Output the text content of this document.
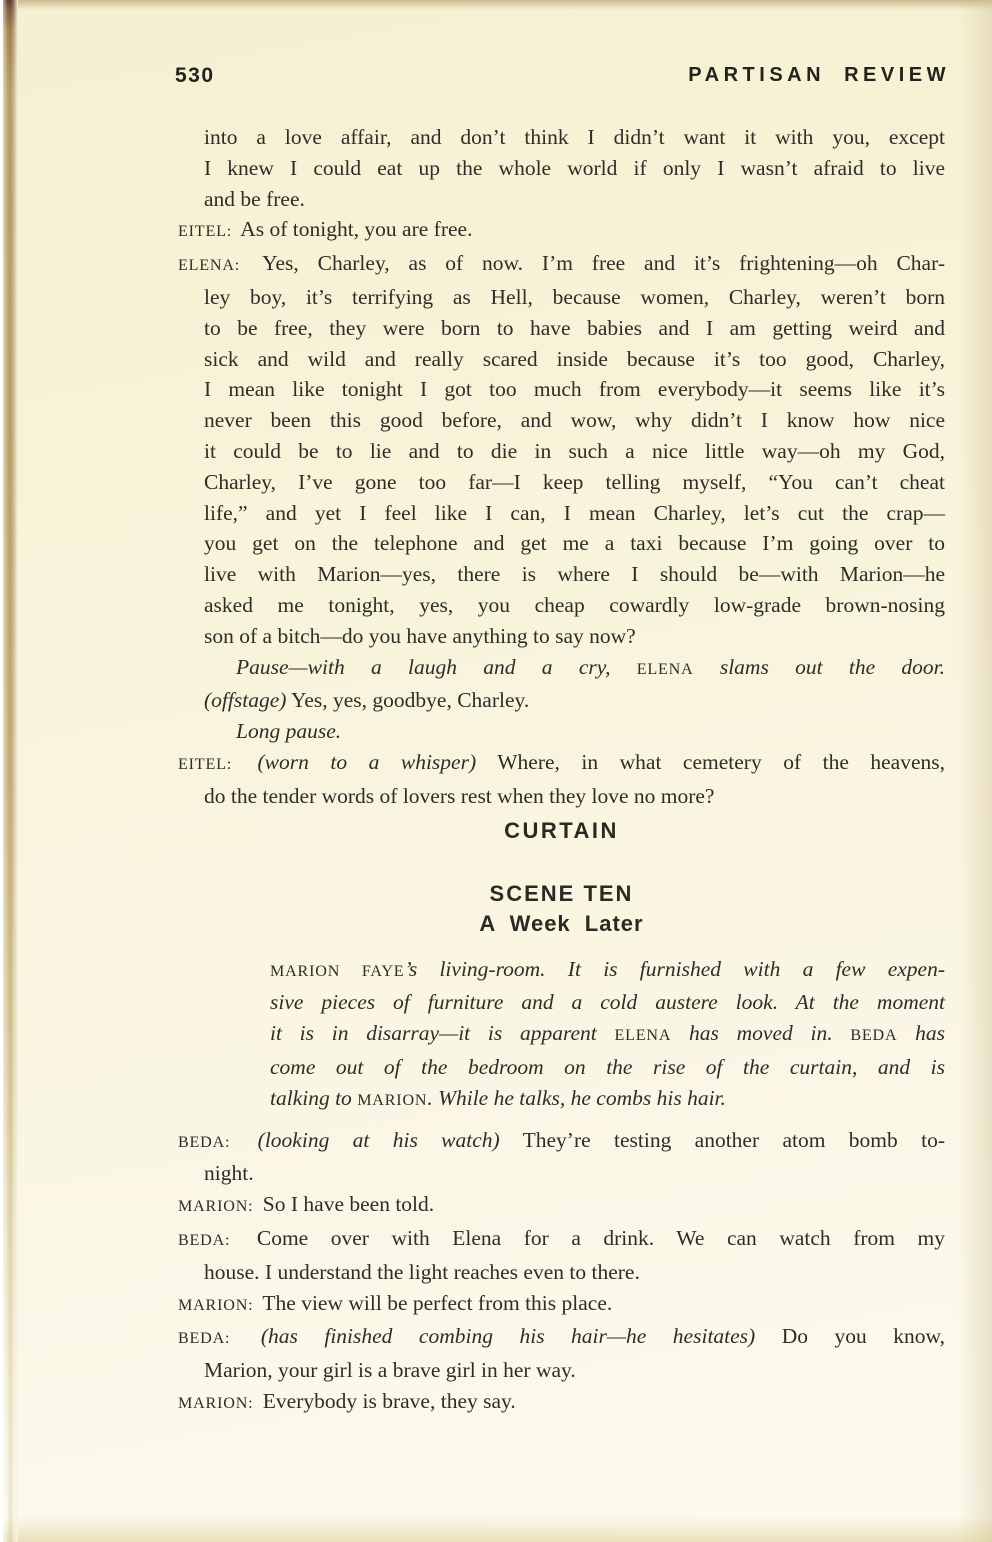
530	PARTISAN REVIEW
into a love affair, and don’t think I didn’t want it with you, except
I knew I could eat up the whole world if only I wasn’t afraid to live
and be free.
EITEL: As of tonight, you are free.
ELENA: Yes, Charley, as of now. I’m free and it’s frightening—oh Char-
ley boy, it’s terrifying as Hell, because women, Charley, weren’t born
to be free, they were born to have babies and I am getting weird and
sick and wild and really scared inside because it’s too good, Charley,
I mean like tonight I got too much from everybody—it seems like it’s
never been this good before, and wow, why didn’t I know how nice
it could be to lie and to die in such a nice little way—oh my God,
Charley, I’ve gone too far—I keep telling myself, “You can’t cheat
life,” and yet I feel like I can, I mean Charley, let’s cut the crap—
you get on the telephone and get me a taxi because I’m going over to
live with Marion—yes, there is where I should be—with Marion—he
asked me tonight, yes, you cheap cowardly low-grade brown-nosing
son of a bitch—do you have anything to say now?
Pause—with a laugh and a cry, ELENA slams out the door.
(offstage) Yes, yes, goodbye, Charley.
Long pause.
EITEL: (worn to a whisper) Where, in what cemetery of the heavens,
do the tender words of lovers rest when they love no more?
CURTAIN
SCENE TEN
A Week Later
MARION FAYE’s living-room. It is furnished with a few expen-
sive pieces of furniture and a cold austere look. At the moment
it is in disarray—it is apparent ELENA has moved in. BEDA has
come out of the bedroom on the rise of the curtain, and is
talking to MARION. While he talks, he combs his hair.
BEDA: (looking at his watch) They’re testing another atom bomb to-
night.
MARION: So I have been told.
BEDA: Come over with Elena for a drink. We can watch from my
house. I understand the light reaches even to there.
MARION: The view will be perfect from this place.
BEDA: (has finished combing his hair—he hesitates) Do you know,
Marion, your girl is a brave girl in her way.
MARION: Everybody is brave, they say.
